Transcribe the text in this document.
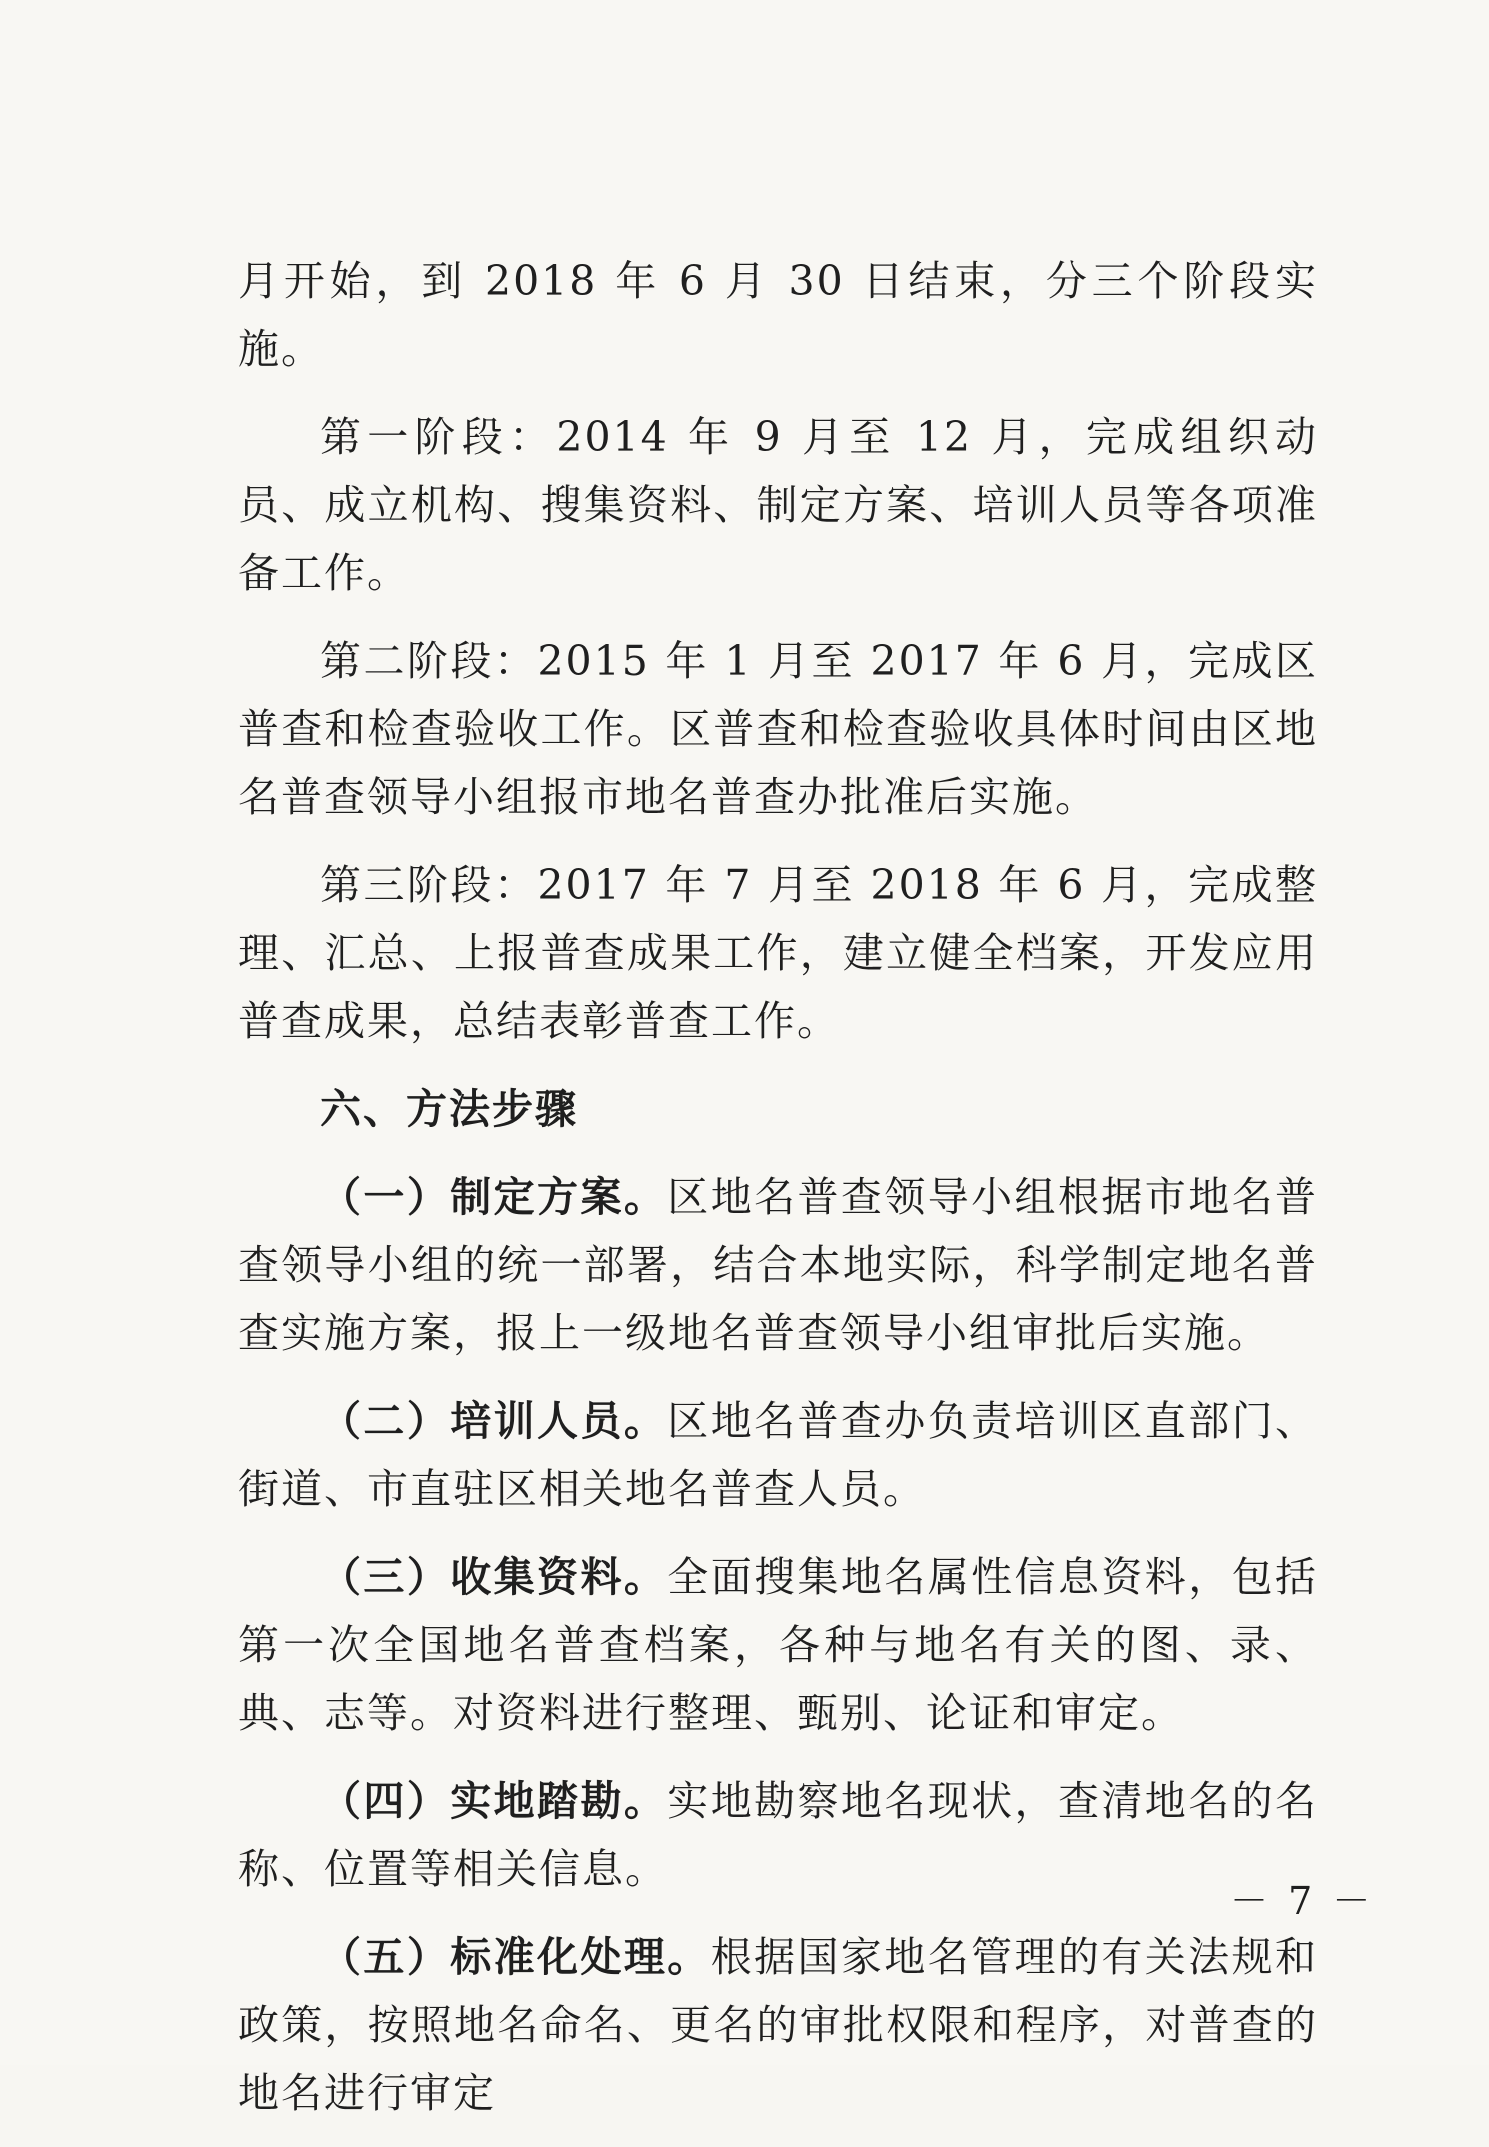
月开始，到 2018 年 6 月 30 日结束，分三个阶段实施。

第一阶段：2014 年 9 月至 12 月，完成组织动员、成立机构、搜集资料、制定方案、培训人员等各项准备工作。

第二阶段：2015 年 1 月至 2017 年 6 月，完成区普查和检查验收工作。区普查和检查验收具体时间由区地名普查领导小组报市地名普查办批准后实施。

第三阶段：2017 年 7 月至 2018 年 6 月，完成整理、汇总、上报普查成果工作，建立健全档案，开发应用普查成果，总结表彰普查工作。

六、方法步骤

（一）制定方案。区地名普查领导小组根据市地名普查领导小组的统一部署，结合本地实际，科学制定地名普查实施方案，报上一级地名普查领导小组审批后实施。

（二）培训人员。区地名普查办负责培训区直部门、街道、市直驻区相关地名普查人员。

（三）收集资料。全面搜集地名属性信息资料，包括第一次全国地名普查档案，各种与地名有关的图、录、典、志等。对资料进行整理、甄别、论证和审定。

（四）实地踏勘。实地勘察地名现状，查清地名的名称、位置等相关信息。

（五）标准化处理。根据国家地名管理的有关法规和政策，按照地名命名、更名的审批权限和程序，对普查的地名进行审定

－ 7 －
